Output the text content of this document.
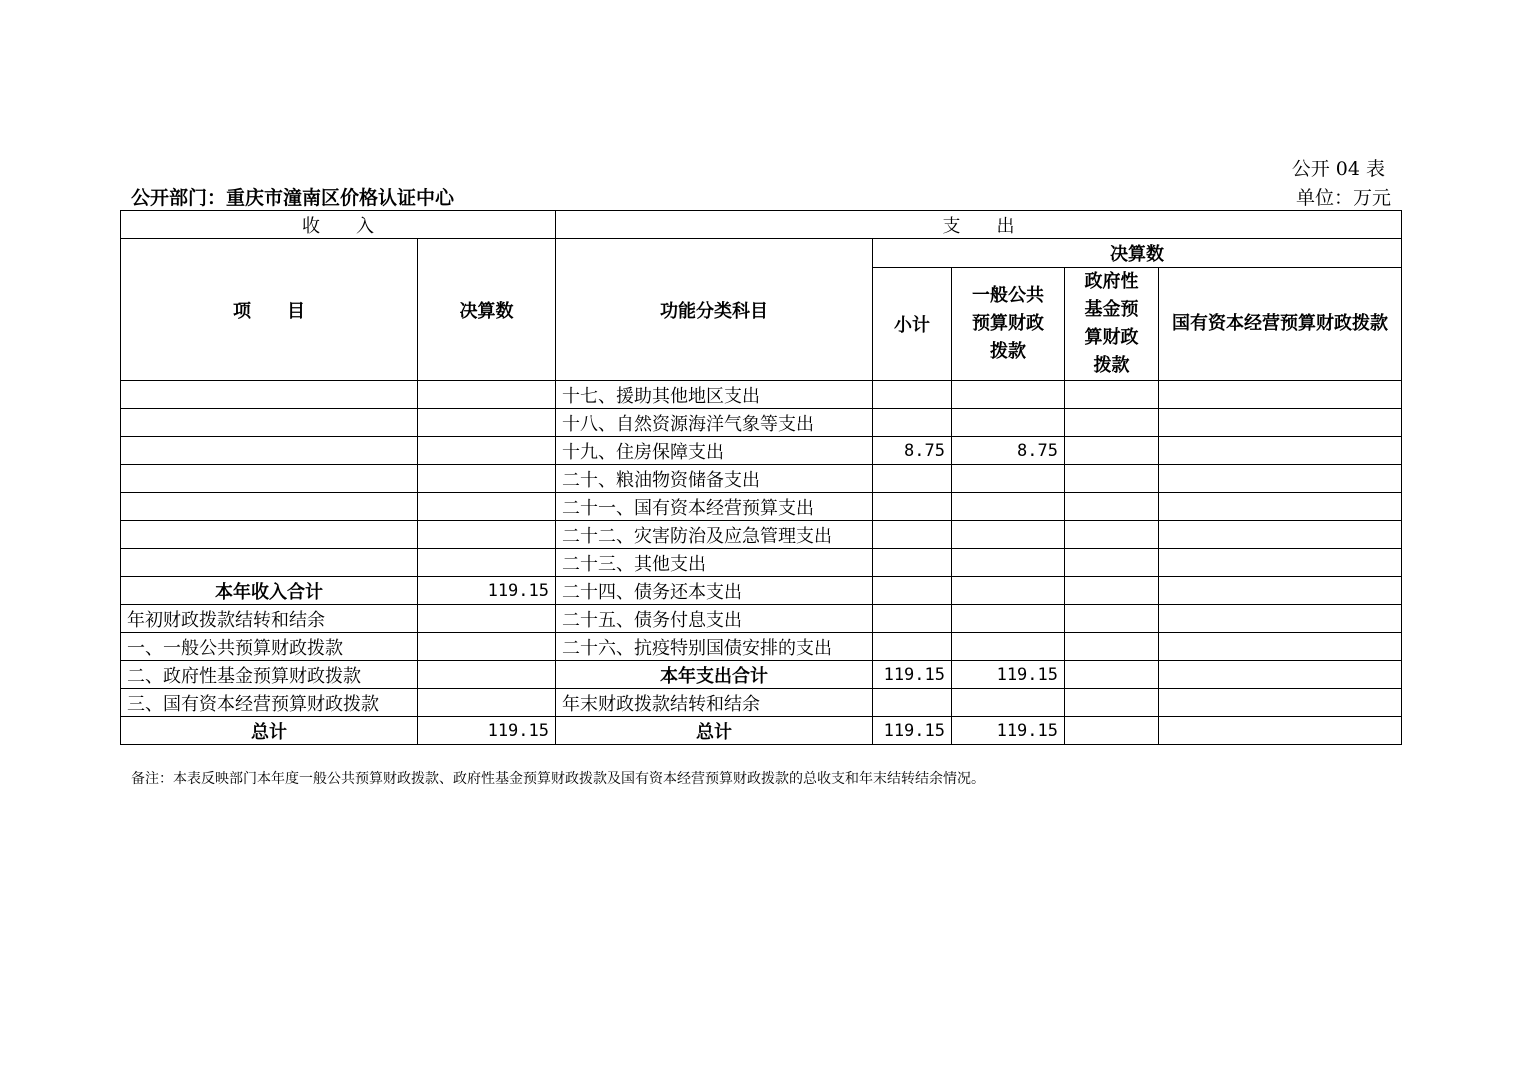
公开 04 表
公开部门：重庆市潼南区价格认证中心	单位：万元
收　　入		支　　出				
项　　目	决算数	功能分类科目	决算数			
			小计	一般公共预算财政拨款	政府性基金预算财政拨款	国有资本经营预算财政拨款
		十七、援助其他地区支出				
		十八、自然资源海洋气象等支出				
		十九、住房保障支出	8.75	8.75		
		二十、粮油物资储备支出				
		二十一、国有资本经营预算支出				
		二十二、灾害防治及应急管理支出				
		二十三、其他支出				
本年收入合计	119.15	二十四、债务还本支出				
年初财政拨款结转和结余		二十五、债务付息支出				
一、一般公共预算财政拨款		二十六、抗疫特别国债安排的支出				
二、政府性基金预算财政拨款		本年支出合计	119.15	119.15		
三、国有资本经营预算财政拨款		年末财政拨款结转和结余				
总计	119.15	总计	119.15	119.15		
备注：本表反映部门本年度一般公共预算财政拨款、政府性基金预算财政拨款及国有资本经营预算财政拨款的总收支和年末结转结余情况。
